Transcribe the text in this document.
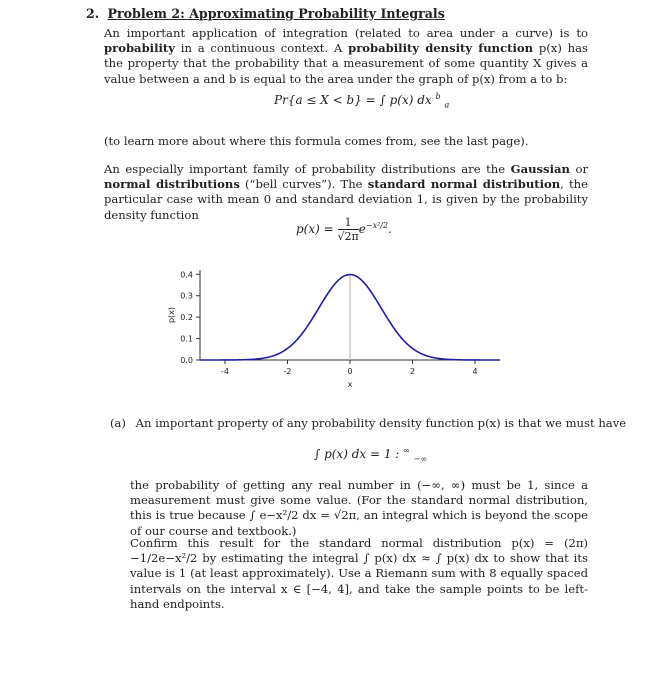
2. Problem 2: Approximating Probability Integrals
An important application of integration (related to area under a curve) is to probability in a continuous context. A probability density function p(x) has the property that the probability that a measurement of some quantity X gives a value between a and b is equal to the area under the graph of p(x) from a to b:
Pr{a ≤ X < b} = ∫ p(x) dx $^b$ $_a$
(to learn more about where this formula comes from, see the last page).
An especially important family of probability distributions are the Gaussian or normal distributions (“bell curves”). The standard normal distribution, the particular case with mean 0 and standard deviation 1, is given by the probability density function
$p(x) = \frac{1}{√2\pi} e^{-x^2/2}$.
0.0
0.1
0.2
0.3
0.4
-4	-2	0	2	4
x
p(x)
(a) An important property of any probability density function p(x) is that we must have
∫ p(x) dx = 1 : ∞ $_{-\infty}$
the probability of getting any real number in (−∞, ∞) must be 1, since a measurement must give some value. (For the standard normal distribution, this is true because ∫ e−x²/2 dx = √2π, an integral which is beyond the scope of our course and textbook.)
Confirm this result for the standard normal distribution p(x) = (2π)−1/2e−x²/2 by estimating the integral ∫ p(x) dx ≈ ∫ p(x) dx to show that its value is 1 (at least approximately). Use a Riemann sum with 8 equally spaced intervals on the interval x ∈ [−4, 4], and take the sample points to be left-hand endpoints.
